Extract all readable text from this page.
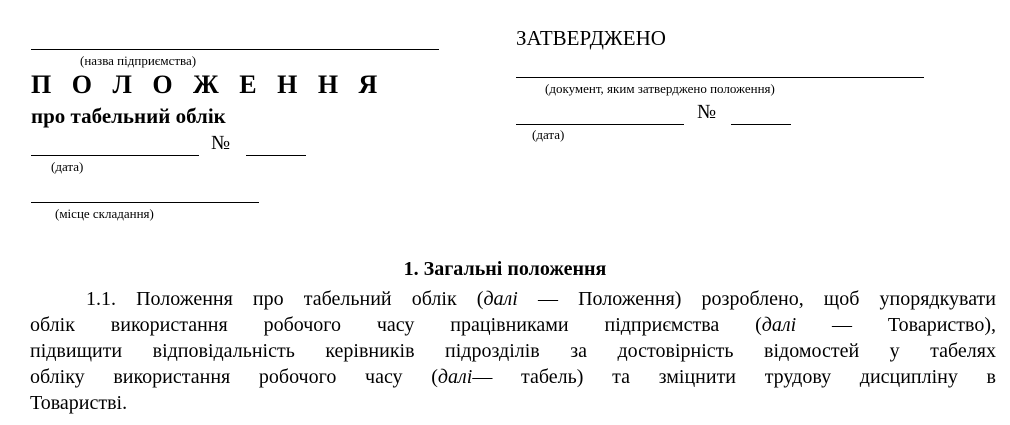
(назва підприємства)
П О Л О Ж Е Н Н Я
про табельний облік
№
(дата)
(місце складання)
ЗАТВЕРДЖЕНО
(документ, яким затверджено положення)
№
(дата)
1. Загальні положення
1.1. Положення про табельний облік (далі — Положення) розроблено, щоб упорядкувати
облік використання робочого часу працівниками підприємства (далі — Товариство),
підвищити відповідальність керівників підрозділів за достовірність відомостей у табелях
обліку використання робочого часу (далі— табель) та зміцнити трудову дисципліну в
Товаристві.
